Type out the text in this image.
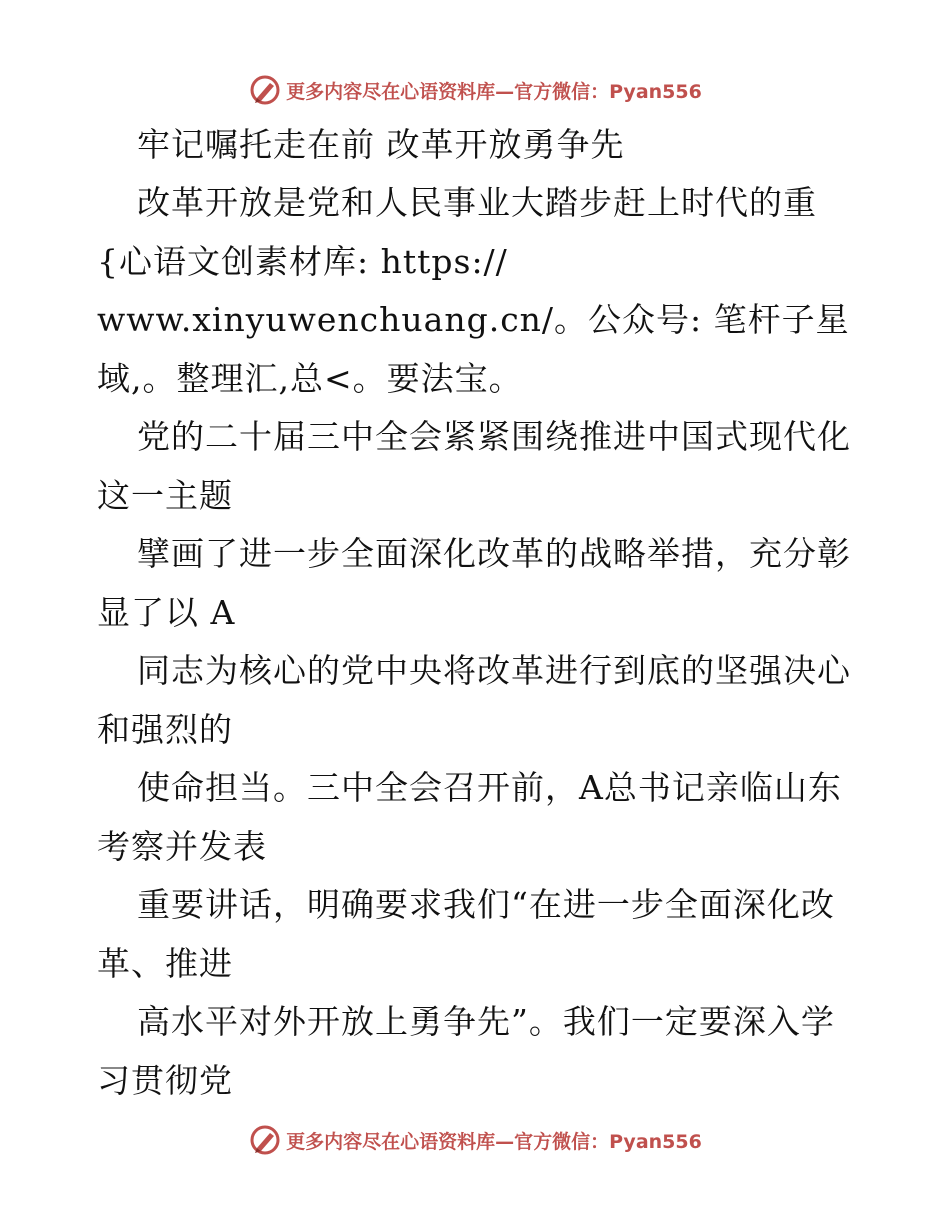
更多内容尽在心语资料库—官方微信：Pyan556
牢记嘱托走在前 改革开放勇争先
改革开放是党和人民事业大踏步赶上时代的重
{心语文创素材库: https://
www.xinyuwenchuang.cn/。公众号: 笔杆子星
域,。整理汇,总<。要法宝。
党的二十届三中全会紧紧围绕推进中国式现代化
这一主题
擘画了进一步全面深化改革的战略举措，充分彰
显了以 A
同志为核心的党中央将改革进行到底的坚强决心
和强烈的
使命担当。三中全会召开前，A总书记亲临山东
考察并发表
重要讲话，明确要求我们“在进一步全面深化改
革、推进
高水平对外开放上勇争先”。我们一定要深入学
习贯彻党
更多内容尽在心语资料库—官方微信：Pyan556
